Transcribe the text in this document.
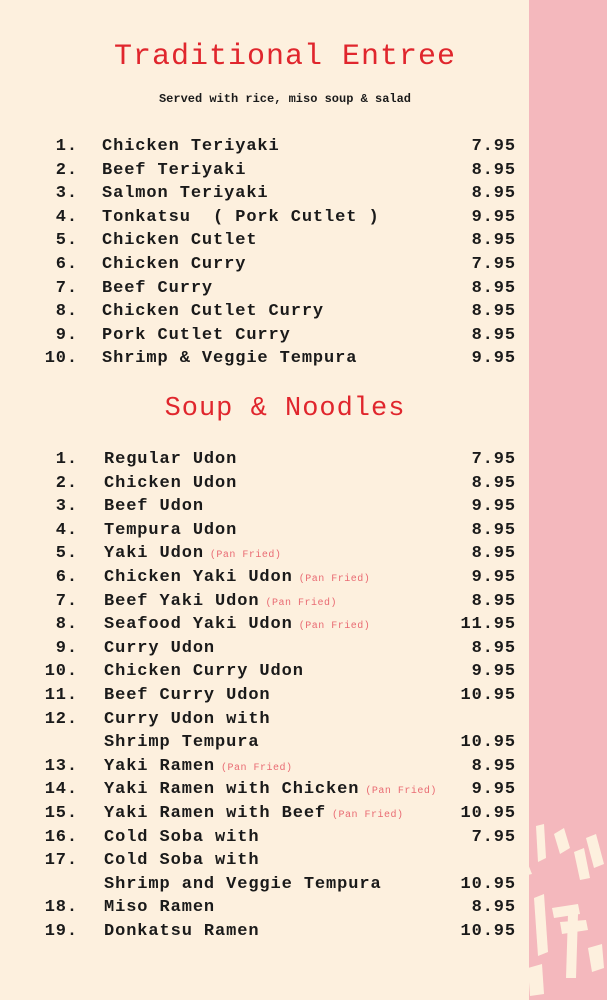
Traditional Entree
Served with rice, miso soup & salad
1. Chicken Teriyaki	7.95
2. Beef Teriyaki	8.95
3. Salmon Teriyaki	8.95
4. Tonkatsu  ( Pork Cutlet )	9.95
5. Chicken Cutlet	8.95
6. Chicken Curry	7.95
7. Beef Curry	8.95
8. Chicken Cutlet Curry	8.95
9. Pork Cutlet Curry	8.95
10. Shrimp & Veggie Tempura	9.95
Soup & Noodles
1. Regular Udon	7.95
2. Chicken Udon	8.95
3. Beef Udon	9.95
4. Tempura Udon	8.95
5. Yaki Udon (Pan Fried)	8.95
6. Chicken Yaki Udon (Pan Fried)	9.95
7. Beef Yaki Udon (Pan Fried)	8.95
8. Seafood Yaki Udon (Pan Fried)	11.95
9. Curry Udon	8.95
10. Chicken Curry Udon	9.95
11. Beef Curry Udon	10.95
12. Curry Udon with
Shrimp Tempura	10.95
13. Yaki Ramen (Pan Fried)	8.95
14. Yaki Ramen with Chicken (Pan Fried) 9.95
15. Yaki Ramen with Beef (Pan Fried)	10.95
16. Cold Soba with	7.95
17. Cold Soba with
Shrimp and Veggie Tempura	10.95
18. Miso Ramen	8.95
19. Donkatsu Ramen	10.95
